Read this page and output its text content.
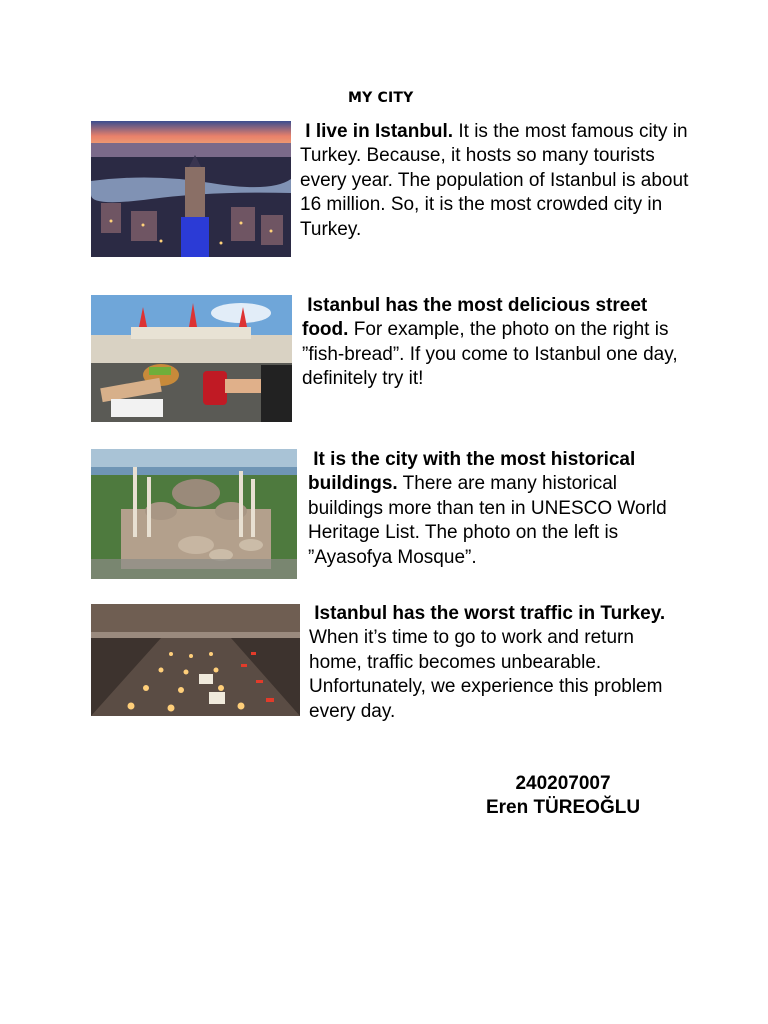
MY CITY

I live in Istanbul. It is the most famous city in Turkey. Because, it hosts so many tourists every year. The population of Istanbul is about 16 million. So, it is the most crowded city in Turkey.

Istanbul has the most delicious street food. For example, the photo on the right is ”fish-bread”. If you come to Istanbul one day, definitely try it!

It is the city with the most historical buildings. There are many historical buildings more than ten in UNESCO World Heritage List. The photo on the left is ”Ayasofya Mosque”.

Istanbul has the worst traffic in Turkey. When it’s time to go to work and return home, traffic becomes unbearable. Unfortunately, we experience this problem every day.

240207007
Eren TÜREOĞLU
